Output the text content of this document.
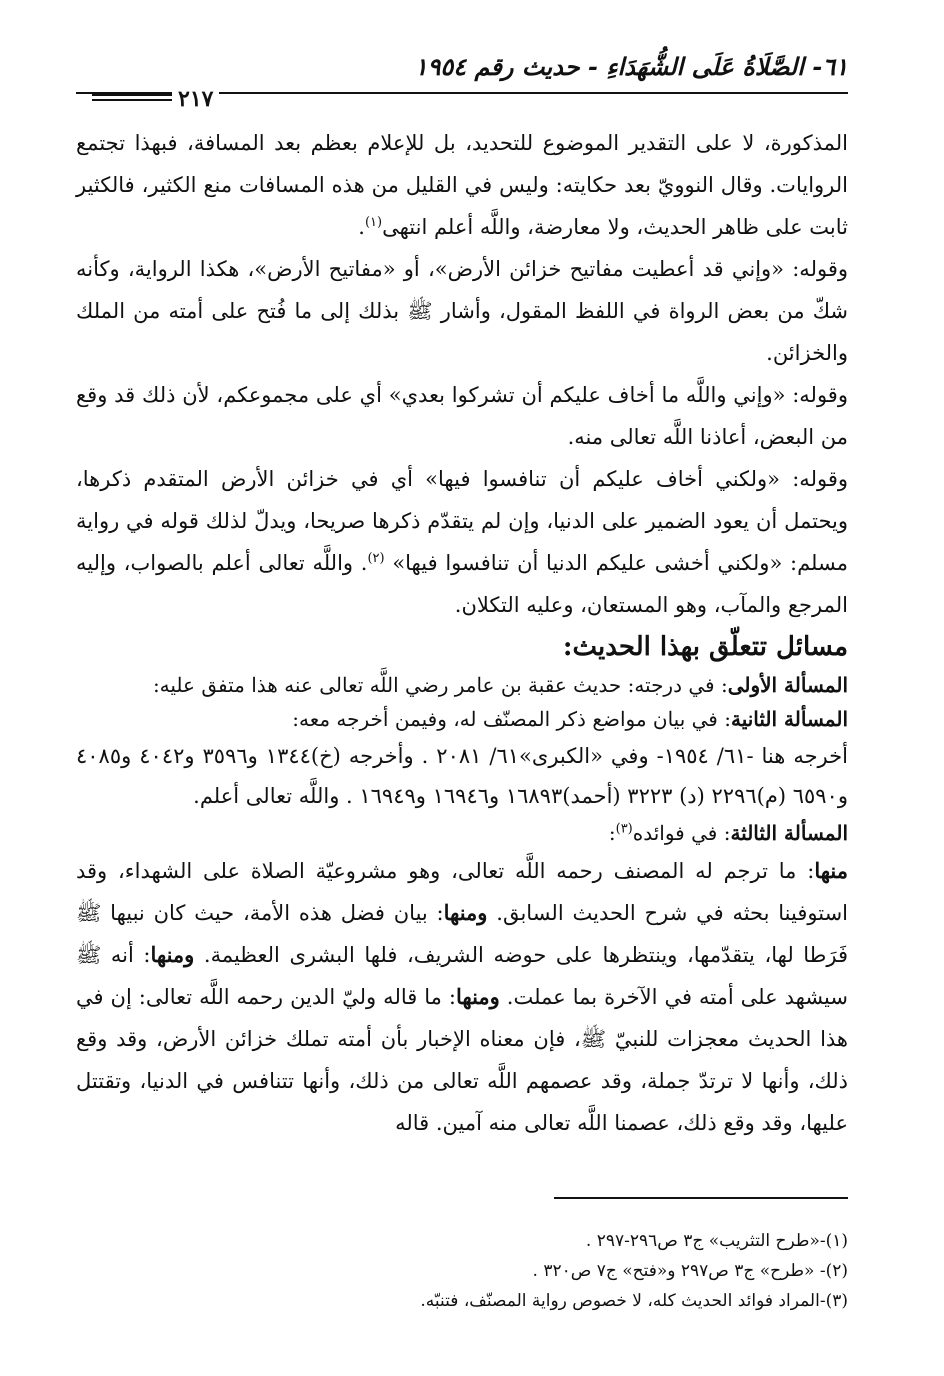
٦١- الصَّلَاةُ عَلَى الشُّهَدَاءِ - حديث رقم ١٩٥٤
٢١٧

المذكورة، لا على التقدير الموضوع للتحديد، بل للإعلام بعظم بعد المسافة، فبهذا تجتمع الروايات. وقال النوويّ بعد حكايته: وليس في القليل من هذه المسافات منع الكثير، فالكثير ثابت على ظاهر الحديث، ولا معارضة، واللَّه أعلم انتهى$^{(١)}$.

وقوله: «وإني قد أعطيت مفاتيح خزائن الأرض»، أو «مفاتيح الأرض»، هكذا الرواية، وكأنه شكّ من بعض الرواة في اللفظ المقول، وأشار ﷺ بذلك إلى ما فُتح على أمته من الملك والخزائن.

وقوله: «وإني واللَّه ما أخاف عليكم أن تشركوا بعدي» أي على مجموعكم، لأن ذلك قد وقع من البعض، أعاذنا اللَّه تعالى منه.

وقوله: «ولكني أخاف عليكم أن تنافسوا فيها» أي في خزائن الأرض المتقدم ذكرها، ويحتمل أن يعود الضمير على الدنيا، وإن لم يتقدّم ذكرها صريحا، ويدلّ لذلك قوله في رواية مسلم: «ولكني أخشى عليكم الدنيا أن تنافسوا فيها» $^{(٢)}$. واللَّه تعالى أعلم بالصواب، وإليه المرجع والمآب، وهو المستعان، وعليه التكلان.

مسائل تتعلّق بهذا الحديث:

المسألة الأولى: في درجته: حديث عقبة بن عامر رضي اللَّه تعالى عنه هذا متفق عليه:

المسألة الثانية: في بيان مواضع ذكر المصنّف له، وفيمن أخرجه معه:

أخرجه هنا -٦١/ ١٩٥٤- وفي «الكبرى»٦١/ ٢٠٨١ . وأخرجه (خ)١٣٤٤ و٣٥٩٦ و٤٠٤٢ و٤٠٨٥ و٦٥٩٠ (م)٢٢٩٦ (د) ٣٢٢٣ (أحمد)١٦٨٩٣ و١٦٩٤٦ و١٦٩٤٩ . واللَّه تعالى أعلم.

المسألة الثالثة: في فوائده$^{(٣)}$:

منها: ما ترجم له المصنف رحمه اللَّه تعالى، وهو مشروعيّة الصلاة على الشهداء، وقد استوفينا بحثه في شرح الحديث السابق. ومنها: بيان فضل هذه الأمة، حيث كان نبيها ﷺ فَرَطا لها، يتقدّمها، وينتظرها على حوضه الشريف، فلها البشرى العظيمة. ومنها: أنه ﷺ سيشهد على أمته في الآخرة بما عملت. ومنها: ما قاله وليّ الدين رحمه اللَّه تعالى: إن في هذا الحديث معجزات للنبيّ ﷺ، فإن معناه الإخبار بأن أمته تملك خزائن الأرض، وقد وقع ذلك، وأنها لا ترتدّ جملة، وقد عصمهم اللَّه تعالى من ذلك، وأنها تتنافس في الدنيا، وتقتتل عليها، وقد وقع ذلك، عصمنا اللَّه تعالى منه آمين. قاله

(١)-«طرح التثريب» ج٣ ص٢٩٦-٢٩٧ .

(٢)- «طرح» ج٣ ص٢٩٧ و«فتح» ج٧ ص٣٢٠ .

(٣)-المراد فوائد الحديث كله، لا خصوص رواية المصنّف، فتنبّه.
